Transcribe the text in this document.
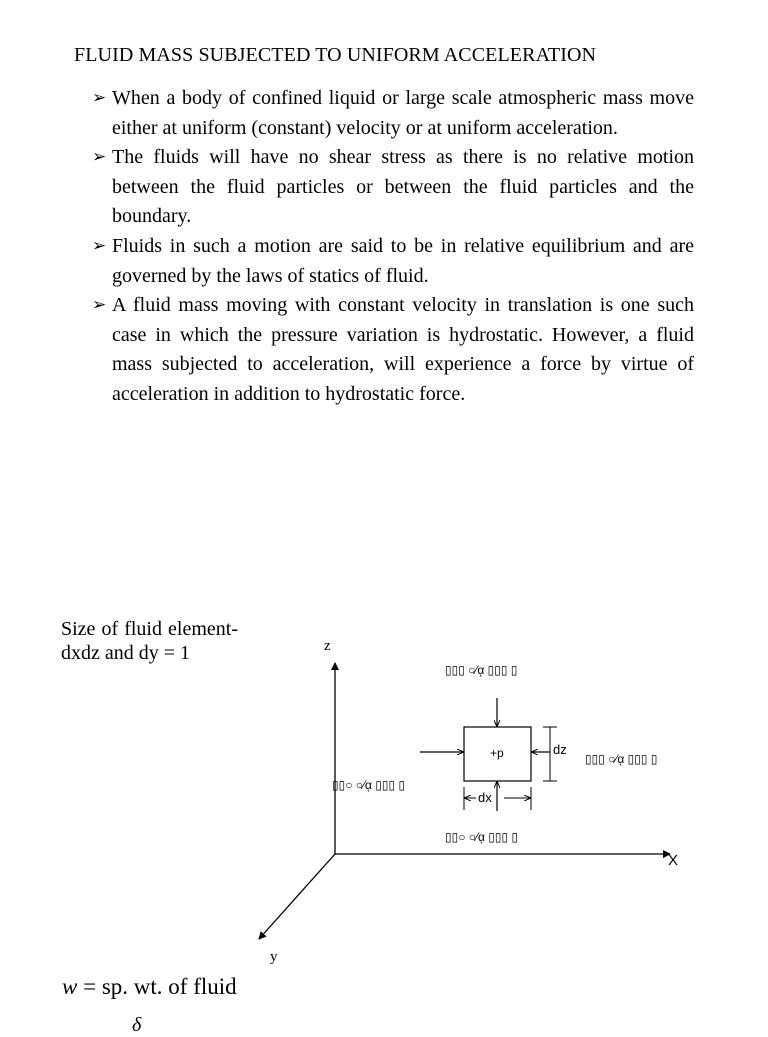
FLUID MASS SUBJECTED TO UNIFORM ACCELERATION
➢ When a body of confined liquid or large scale atmospheric mass move either at uniform (constant) velocity or at uniform acceleration.
➢ The fluids will have no shear stress as there is no relative motion between the fluid particles or between the fluid particles and the boundary.
➢ Fluids in such a motion are said to be in relative equilibrium and are governed by the laws of statics of fluid.
➢ A fluid mass moving with constant velocity in translation is one such case in which the pressure variation is hydrostatic. However, a fluid mass subjected to acceleration, will experience a force by virtue of acceleration in addition to hydrostatic force.
Size of fluid element-dxdz and dy = 1	z
X
y
+p	dz
dx
▯▯▯ ○⁄ᾳ ▯▯▯ ▯
▯▯○ ○⁄ᾳ ▯▯▯ ▯
▯▯○ ○⁄ᾳ ▯▯▯ ▯
▯▯▯ ○⁄ᾳ ▯▯▯ ▯
w = sp. wt. of fluid
δ
